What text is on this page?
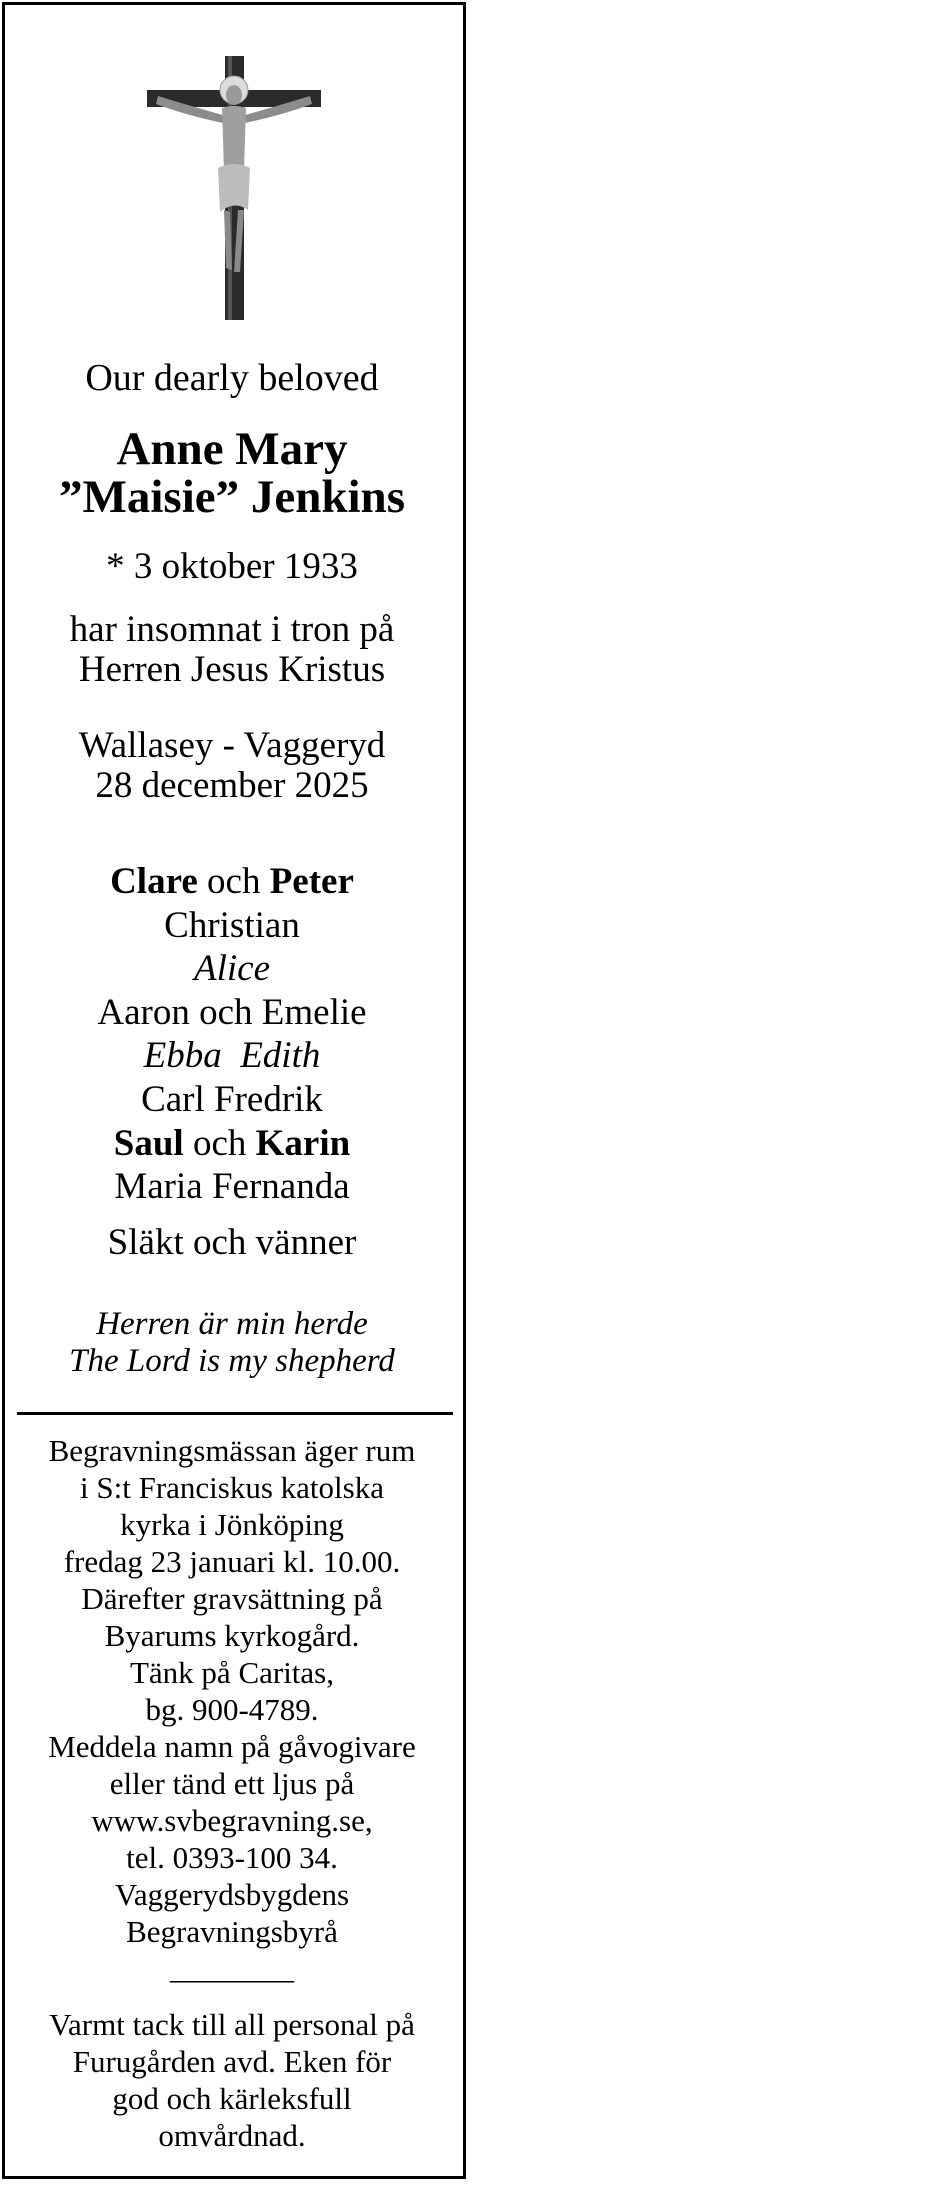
Our dearly beloved
Anne Mary
”Maisie” Jenkins
* 3 oktober 1933
har insomnat i tron på
Herren Jesus Kristus
Wallasey - Vaggeryd
28 december 2025
Clare och Peter
Christian
Alice
Aaron och Emelie
Ebba  Edith
Carl Fredrik
Saul och Karin
Maria Fernanda
Släkt och vänner
Herren är min herde
The Lord is my shepherd
Begravningsmässan äger rum
i S:t Franciskus katolska
kyrka i Jönköping
fredag 23 januari kl. 10.00.
Därefter gravsättning på
Byarums kyrkogård.
Tänk på Caritas,
bg. 900-4789.
Meddela namn på gåvogivare
eller tänd ett ljus på
www.svbegravning.se,
tel. 0393-100 34.
Vaggerydsbygdens
Begravningsbyrå
————
Varmt tack till all personal på
Furugården avd. Eken för
god och kärleksfull
omvårdnad.
